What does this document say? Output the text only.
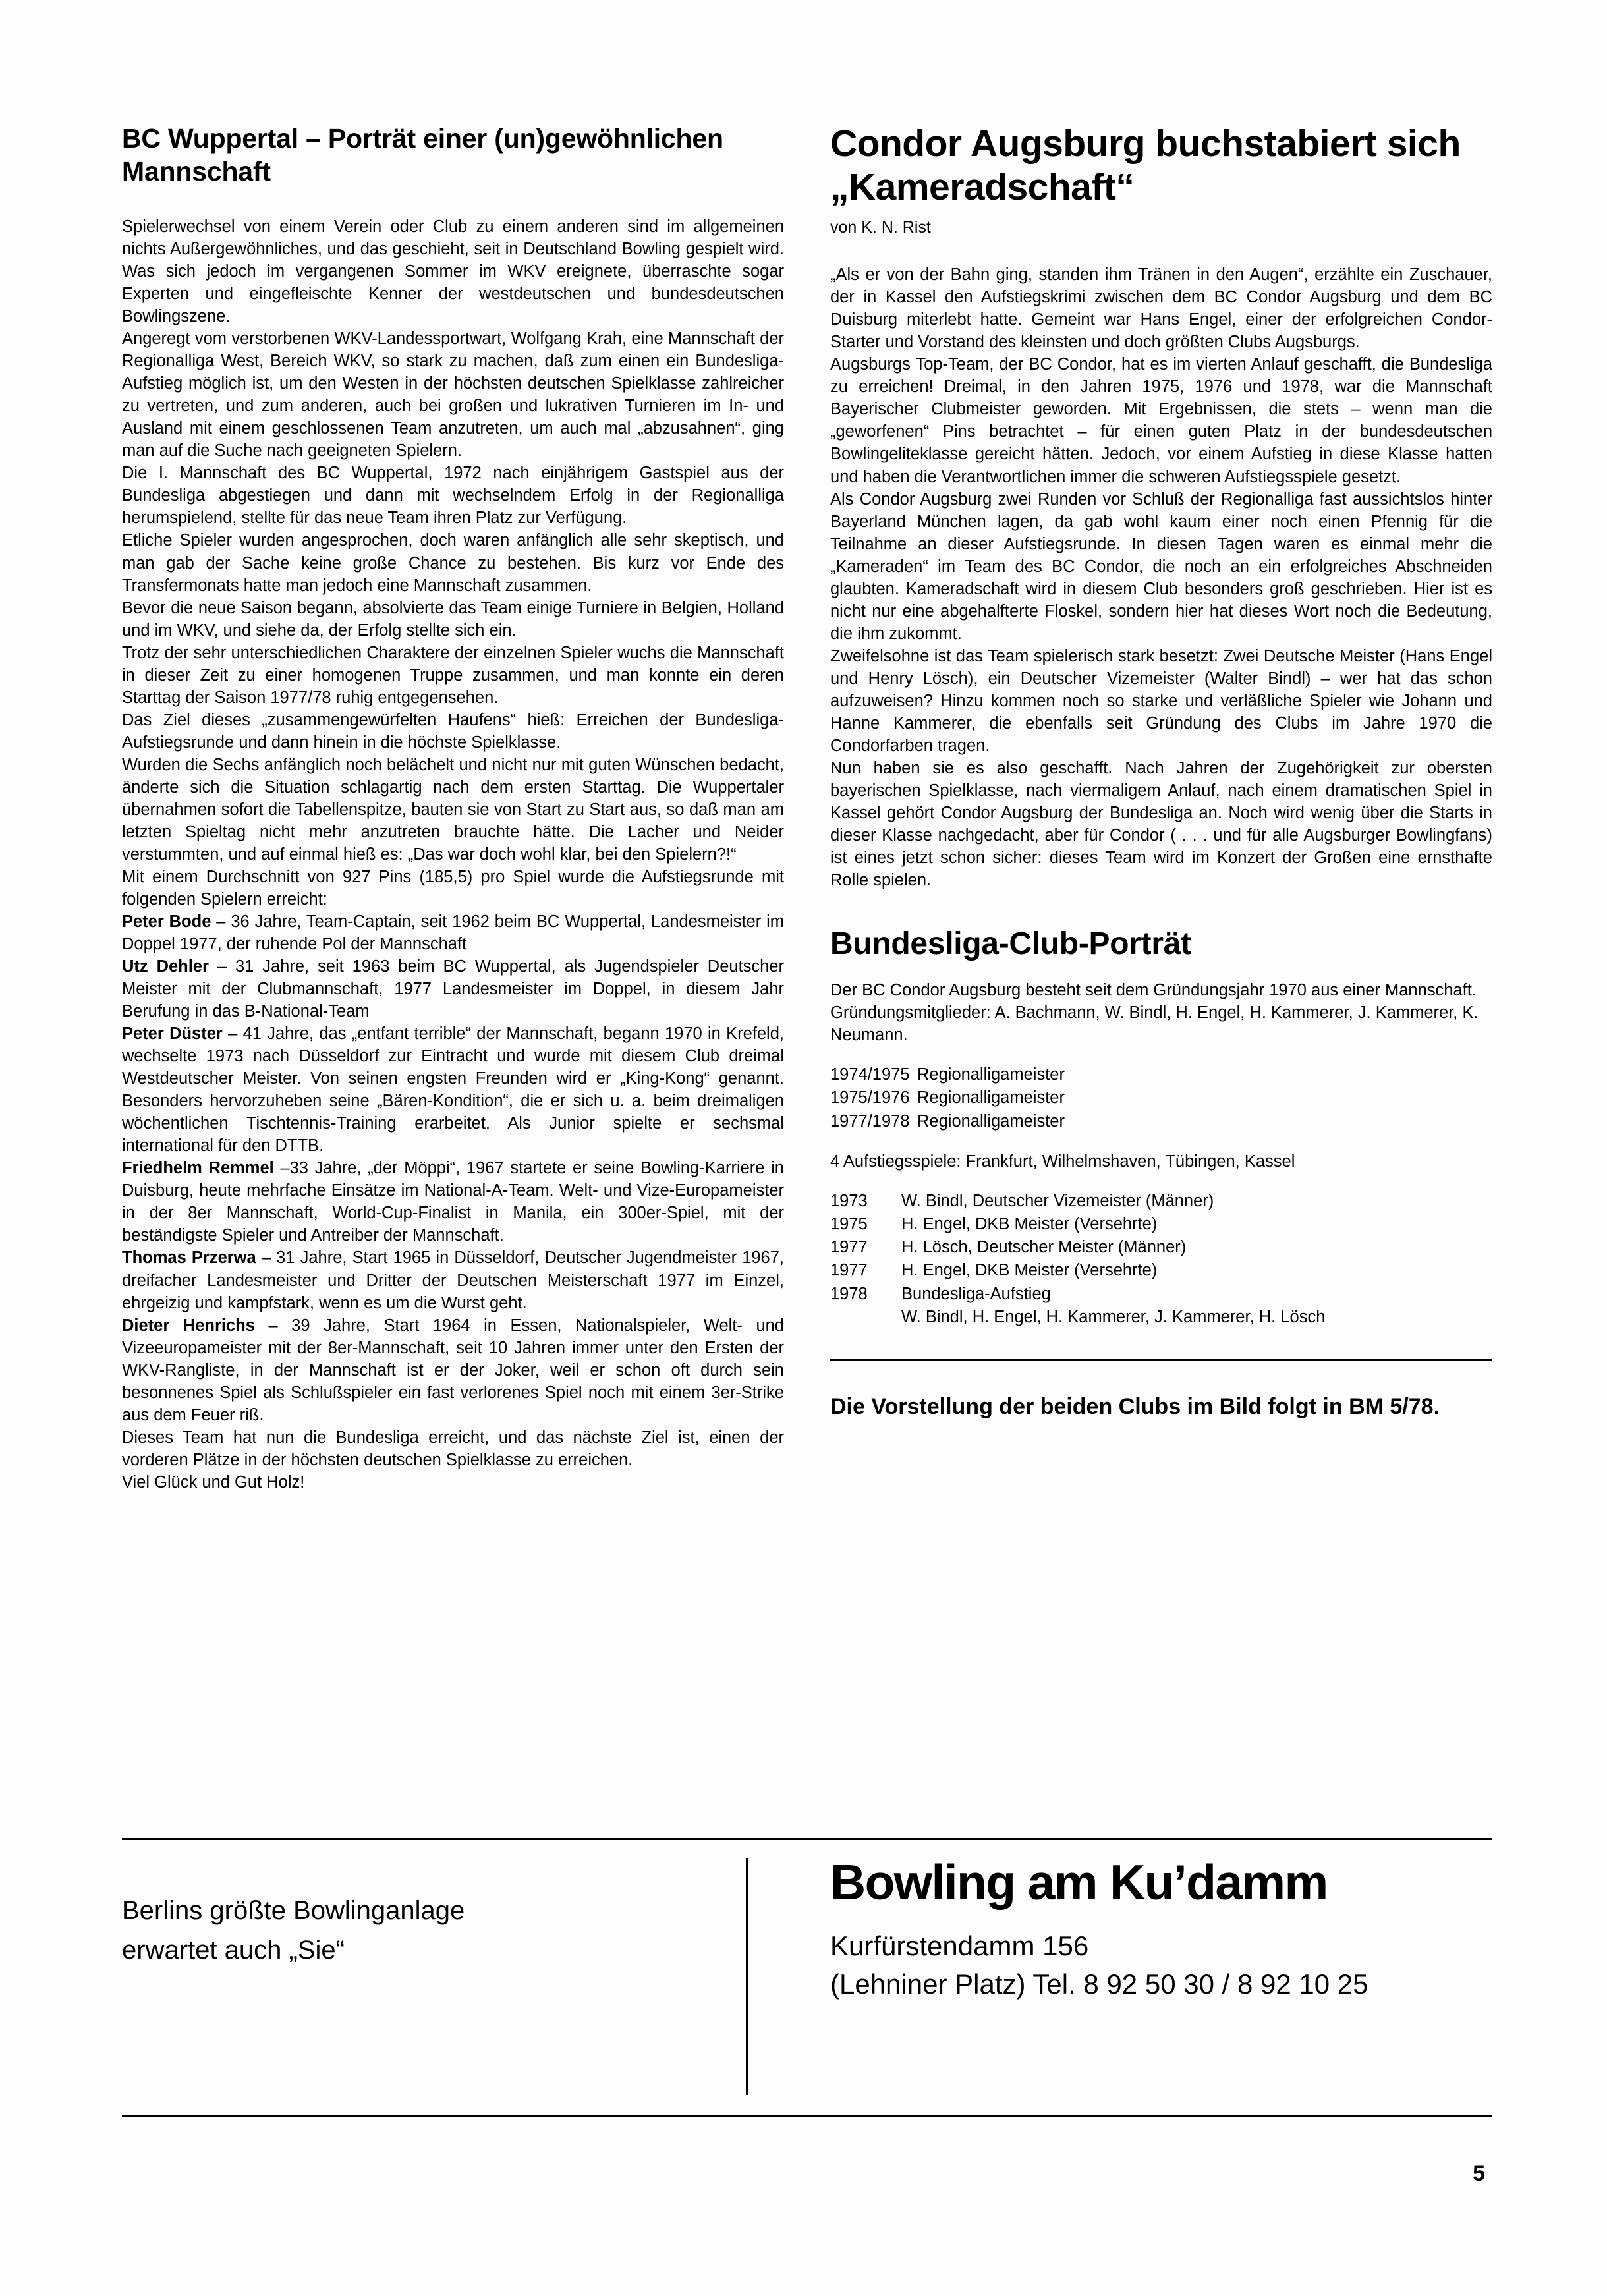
BC Wuppertal – Porträt einer (un)gewöhnlichen Mannschaft

Spielerwechsel von einem Verein oder Club zu einem anderen sind im allgemeinen nichts Außergewöhnliches, und das geschieht, seit in Deutschland Bowling gespielt wird. Was sich jedoch im vergangenen Sommer im WKV ereignete, überraschte sogar Experten und eingefleischte Kenner der westdeutschen und bundesdeutschen Bowlingszene.

Angeregt vom verstorbenen WKV-Landessportwart, Wolfgang Krah, eine Mannschaft der Regionalliga West, Bereich WKV, so stark zu machen, daß zum einen ein Bundesliga-Aufstieg möglich ist, um den Westen in der höchsten deutschen Spielklasse zahlreicher zu vertreten, und zum anderen, auch bei großen und lukrativen Turnieren im In- und Ausland mit einem geschlossenen Team anzutreten, um auch mal „abzusahnen“, ging man auf die Suche nach geeigneten Spielern.

Die I. Mannschaft des BC Wuppertal, 1972 nach einjährigem Gastspiel aus der Bundesliga abgestiegen und dann mit wechselndem Erfolg in der Regionalliga herumspielend, stellte für das neue Team ihren Platz zur Verfügung.

Etliche Spieler wurden angesprochen, doch waren anfänglich alle sehr skeptisch, und man gab der Sache keine große Chance zu bestehen. Bis kurz vor Ende des Transfermonats hatte man jedoch eine Mannschaft zusammen.

Bevor die neue Saison begann, absolvierte das Team einige Turniere in Belgien, Holland und im WKV, und siehe da, der Erfolg stellte sich ein.

Trotz der sehr unterschiedlichen Charaktere der einzelnen Spieler wuchs die Mannschaft in dieser Zeit zu einer homogenen Truppe zusammen, und man konnte ein deren Starttag der Saison 1977/78 ruhig entgegensehen.

Das Ziel dieses „zusammengewürfelten Haufens“ hieß: Erreichen der Bundesliga-Aufstiegsrunde und dann hinein in die höchste Spielklasse.

Wurden die Sechs anfänglich noch belächelt und nicht nur mit guten Wünschen bedacht, änderte sich die Situation schlagartig nach dem ersten Starttag. Die Wuppertaler übernahmen sofort die Tabellenspitze, bauten sie von Start zu Start aus, so daß man am letzten Spieltag nicht mehr anzutreten brauchte hätte. Die Lacher und Neider verstummten, und auf einmal hieß es: „Das war doch wohl klar, bei den Spielern?!“

Mit einem Durchschnitt von 927 Pins (185,5) pro Spiel wurde die Aufstiegsrunde mit folgenden Spielern erreicht:

Peter Bode – 36 Jahre, Team-Captain, seit 1962 beim BC Wuppertal, Landesmeister im Doppel 1977, der ruhende Pol der Mannschaft

Utz Dehler – 31 Jahre, seit 1963 beim BC Wuppertal, als Jugendspieler Deutscher Meister mit der Clubmannschaft, 1977 Landesmeister im Doppel, in diesem Jahr Berufung in das B-National-Team

Peter Düster – 41 Jahre, das „entfant terrible“ der Mannschaft, begann 1970 in Krefeld, wechselte 1973 nach Düsseldorf zur Eintracht und wurde mit diesem Club dreimal Westdeutscher Meister. Von seinen engsten Freunden wird er „King-Kong“ genannt. Besonders hervorzuheben seine „Bären-Kondition“, die er sich u. a. beim dreimaligen wöchentlichen Tischtennis-Training erarbeitet. Als Junior spielte er sechsmal international für den DTTB.

Friedhelm Remmel –33 Jahre, „der Möppi“, 1967 startete er seine Bowling-Karriere in Duisburg, heute mehrfache Einsätze im National-A-Team. Welt- und Vize-Europameister in der 8er Mannschaft, World-Cup-Finalist in Manila, ein 300er-Spiel, mit der beständigste Spieler und Antreiber der Mannschaft.

Thomas Przerwa – 31 Jahre, Start 1965 in Düsseldorf, Deutscher Jugendmeister 1967, dreifacher Landesmeister und Dritter der Deutschen Meisterschaft 1977 im Einzel, ehrgeizig und kampfstark, wenn es um die Wurst geht.

Dieter Henrichs – 39 Jahre, Start 1964 in Essen, Nationalspieler, Welt- und Vizeeuropameister mit der 8er-Mannschaft, seit 10 Jahren immer unter den Ersten der WKV-Rangliste, in der Mannschaft ist er der Joker, weil er schon oft durch sein besonnenes Spiel als Schlußspieler ein fast verlorenes Spiel noch mit einem 3er-Strike aus dem Feuer riß.

Dieses Team hat nun die Bundesliga erreicht, und das nächste Ziel ist, einen der vorderen Plätze in der höchsten deutschen Spielklasse zu erreichen.

Viel Glück und Gut Holz!

Condor Augsburg buchstabiert sich „Kameradschaft“

von K. N. Rist

„Als er von der Bahn ging, standen ihm Tränen in den Augen“, erzählte ein Zuschauer, der in Kassel den Aufstiegskrimi zwischen dem BC Condor Augsburg und dem BC Duisburg miterlebt hatte. Gemeint war Hans Engel, einer der erfolgreichen Condor-Starter und Vorstand des kleinsten und doch größten Clubs Augsburgs.

Augsburgs Top-Team, der BC Condor, hat es im vierten Anlauf geschafft, die Bundesliga zu erreichen! Dreimal, in den Jahren 1975, 1976 und 1978, war die Mannschaft Bayerischer Clubmeister geworden. Mit Ergebnissen, die stets – wenn man die „geworfenen“ Pins betrachtet – für einen guten Platz in der bundesdeutschen Bowlingeliteklasse gereicht hätten. Jedoch, vor einem Aufstieg in diese Klasse hatten und haben die Verantwortlichen immer die schweren Aufstiegsspiele gesetzt.

Als Condor Augsburg zwei Runden vor Schluß der Regionalliga fast aussichtslos hinter Bayerland München lagen, da gab wohl kaum einer noch einen Pfennig für die Teilnahme an dieser Aufstiegsrunde. In diesen Tagen waren es einmal mehr die „Kameraden“ im Team des BC Condor, die noch an ein erfolgreiches Abschneiden glaubten. Kameradschaft wird in diesem Club besonders groß geschrieben. Hier ist es nicht nur eine abgehalfterte Floskel, sondern hier hat dieses Wort noch die Bedeutung, die ihm zukommt.

Zweifelsohne ist das Team spielerisch stark besetzt: Zwei Deutsche Meister (Hans Engel und Henry Lösch), ein Deutscher Vizemeister (Walter Bindl) – wer hat das schon aufzuweisen? Hinzu kommen noch so starke und verläßliche Spieler wie Johann und Hanne Kammerer, die ebenfalls seit Gründung des Clubs im Jahre 1970 die Condorfarben tragen.

Nun haben sie es also geschafft. Nach Jahren der Zugehörigkeit zur obersten bayerischen Spielklasse, nach viermaligem Anlauf, nach einem dramatischen Spiel in Kassel gehört Condor Augsburg der Bundesliga an. Noch wird wenig über die Starts in dieser Klasse nachgedacht, aber für Condor ( . . . und für alle Augsburger Bowlingfans) ist eines jetzt schon sicher: dieses Team wird im Konzert der Großen eine ernsthafte Rolle spielen.

Bundesliga-Club-Porträt

Der BC Condor Augsburg besteht seit dem Gründungsjahr 1970 aus einer Mannschaft.

Gründungsmitglieder: A. Bachmann, W. Bindl, H. Engel, H. Kammerer, J. Kammerer, K. Neumann.

1974/1975 Regionalligameister
1975/1976 Regionalligameister
1977/1978 Regionalligameister

4 Aufstiegsspiele: Frankfurt, Wilhelmshaven, Tübingen, Kassel

1973	W. Bindl, Deutscher Vizemeister (Männer)
1975	H. Engel, DKB Meister (Versehrte)
1977	H. Lösch, Deutscher Meister (Männer)
1977	H. Engel, DKB Meister (Versehrte)
1978	Bundesliga-Aufstieg
W. Bindl, H. Engel, H. Kammerer, J. Kammerer, H. Lösch
Die Vorstellung der beiden Clubs im Bild folgt in BM 5/78.
Berlins größte Bowlinganlage
erwartet auch „Sie“
Bowling am Ku’damm
Kurfürstendamm 156
(Lehniner Platz) Tel. 8 92 50 30 / 8 92 10 25
5
